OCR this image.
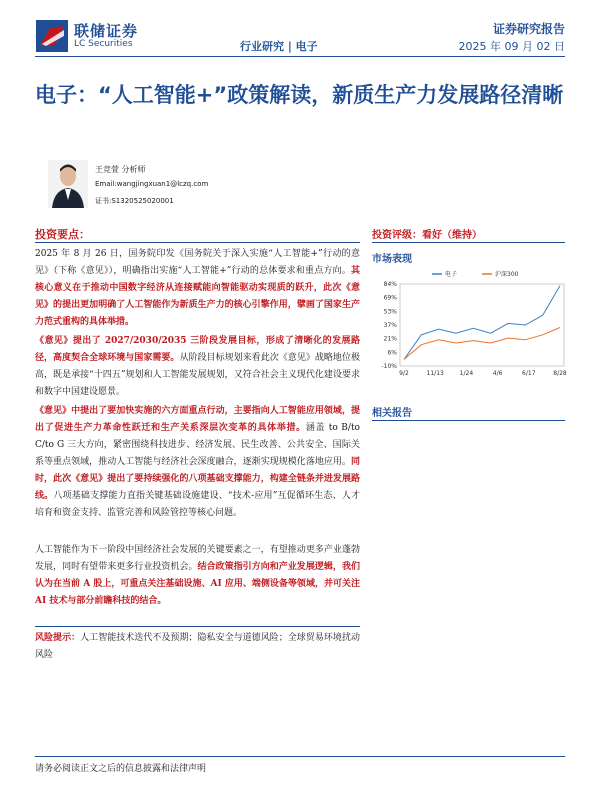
联储证券
LC Securities
证券研究报告
行业研究 | 电子	2025 年 09 月 02 日
电子：“人工智能+”政策解读，新质生产力发展路径清晰
王竞萱 分析师
Email:wangjingxuan1@lczq.com
证书:S1320525020001
投资要点：	投资评级：看好（维持）
市场表现
84%
69%
53%
37%
21%
6%
-10%
9/2	11/13	1/24	4/6	6/17	8/28
电子	沪深300
相关报告

2025 年 8 月 26 日，国务院印发《国务院关于深入实施“人工智能+”行动的意见》（下称《意见》），明确指出实施“人工智能+”行动的总体要求和重点方向。其核心意义在于推动中国数字经济从连接赋能向智能驱动实现质的跃升，此次《意见》的提出更加明确了人工智能作为新质生产力的核心引擎作用，擘画了国家生产力范式重构的具体举措。

《意见》提出了 2027/2030/2035 三阶段发展目标，形成了清晰化的发展路径，高度契合全球环境与国家需要。从阶段目标规划来看此次《意见》战略地位极高，既是承接“十四五”规划和人工智能发展规划，又符合社会主义现代化建设要求和数字中国建设愿景。

《意见》中提出了要加快实施的六方面重点行动，主要指向人工智能应用领域，提出了促进生产力革命性跃迁和生产关系深层次变革的具体举措。涵盖 to B/to C/to G 三大方向，紧密围绕科技进步、经济发展、民生改善、公共安全、国际关系等重点领域，推动人工智能与经济社会深度融合，逐渐实现规模化落地应用。同时，此次《意见》提出了要持续强化的八项基础支撑能力，构建全链条并进发展路线。八项基础支撑能力直指关键基础设施建设、“技术-应用”互促循环生态、人才培育和资金支持、监管完善和风险管控等核心问题。

人工智能作为下一阶段中国经济社会发展的关键要素之一，有望推动更多产业蓬勃发展，同时有望带来更多行业投资机会。结合政策指引方向和产业发展逻辑，我们认为在当前 A 股上，可重点关注基础设施、AI 应用、端侧设备等领域，并可关注 AI 技术与部分前瞻科技的结合。

风险提示：人工智能技术迭代不及预期；隐私安全与道德风险；全球贸易环境扰动风险

请务必阅读正文之后的信息披露和法律声明
